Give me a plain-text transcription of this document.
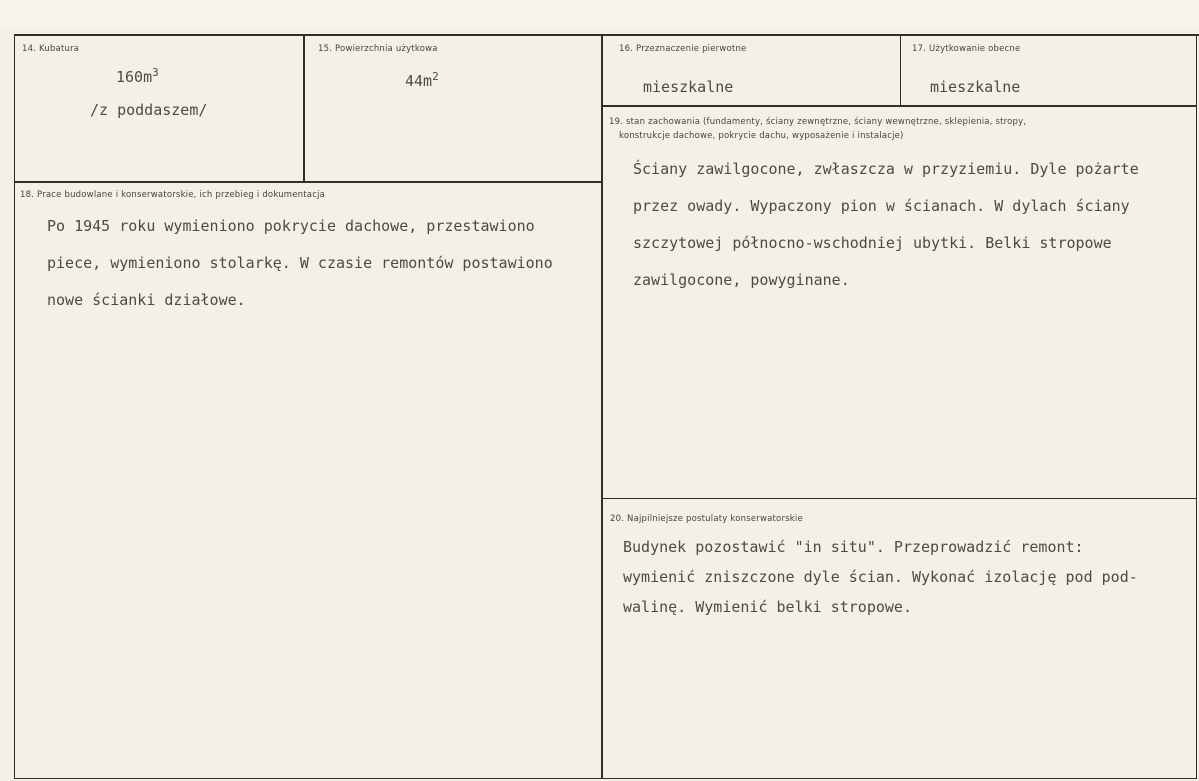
14. Kubatura
$160m^3$
/z poddaszem/
15. Powierzchnia użytkowa
$44m^2$
16. Przeznaczenie pierwotne
mieszkalne
17. Użytkowanie obecne
mieszkalne
19. stan zachowania (fundamenty, ściany zewnętrzne, ściany wewnętrzne, sklepienia, stropy,
konstrukcje dachowe, pokrycie dachu, wyposażenie i instalacje)
Ściany zawilgocone, zwłaszcza w przyziemiu. Dyle pożarte
przez owady. Wypaczony pion w ścianach. W dylach ściany
szczytowej północno-wschodniej ubytki. Belki stropowe
zawilgocone, powyginane.
18. Prace budowlane i konserwatorskie, ich przebieg i dokumentacja
Po 1945 roku wymieniono pokrycie dachowe, przestawiono
piece, wymieniono stolarkę. W czasie remontów postawiono
nowe ścianki działowe.
20. Najpilniejsze postulaty konserwatorskie
Budynek pozostawić "in situ". Przeprowadzić remont:
wymienić zniszczone dyle ścian. Wykonać izolację pod pod-
walinę. Wymienić belki stropowe.
